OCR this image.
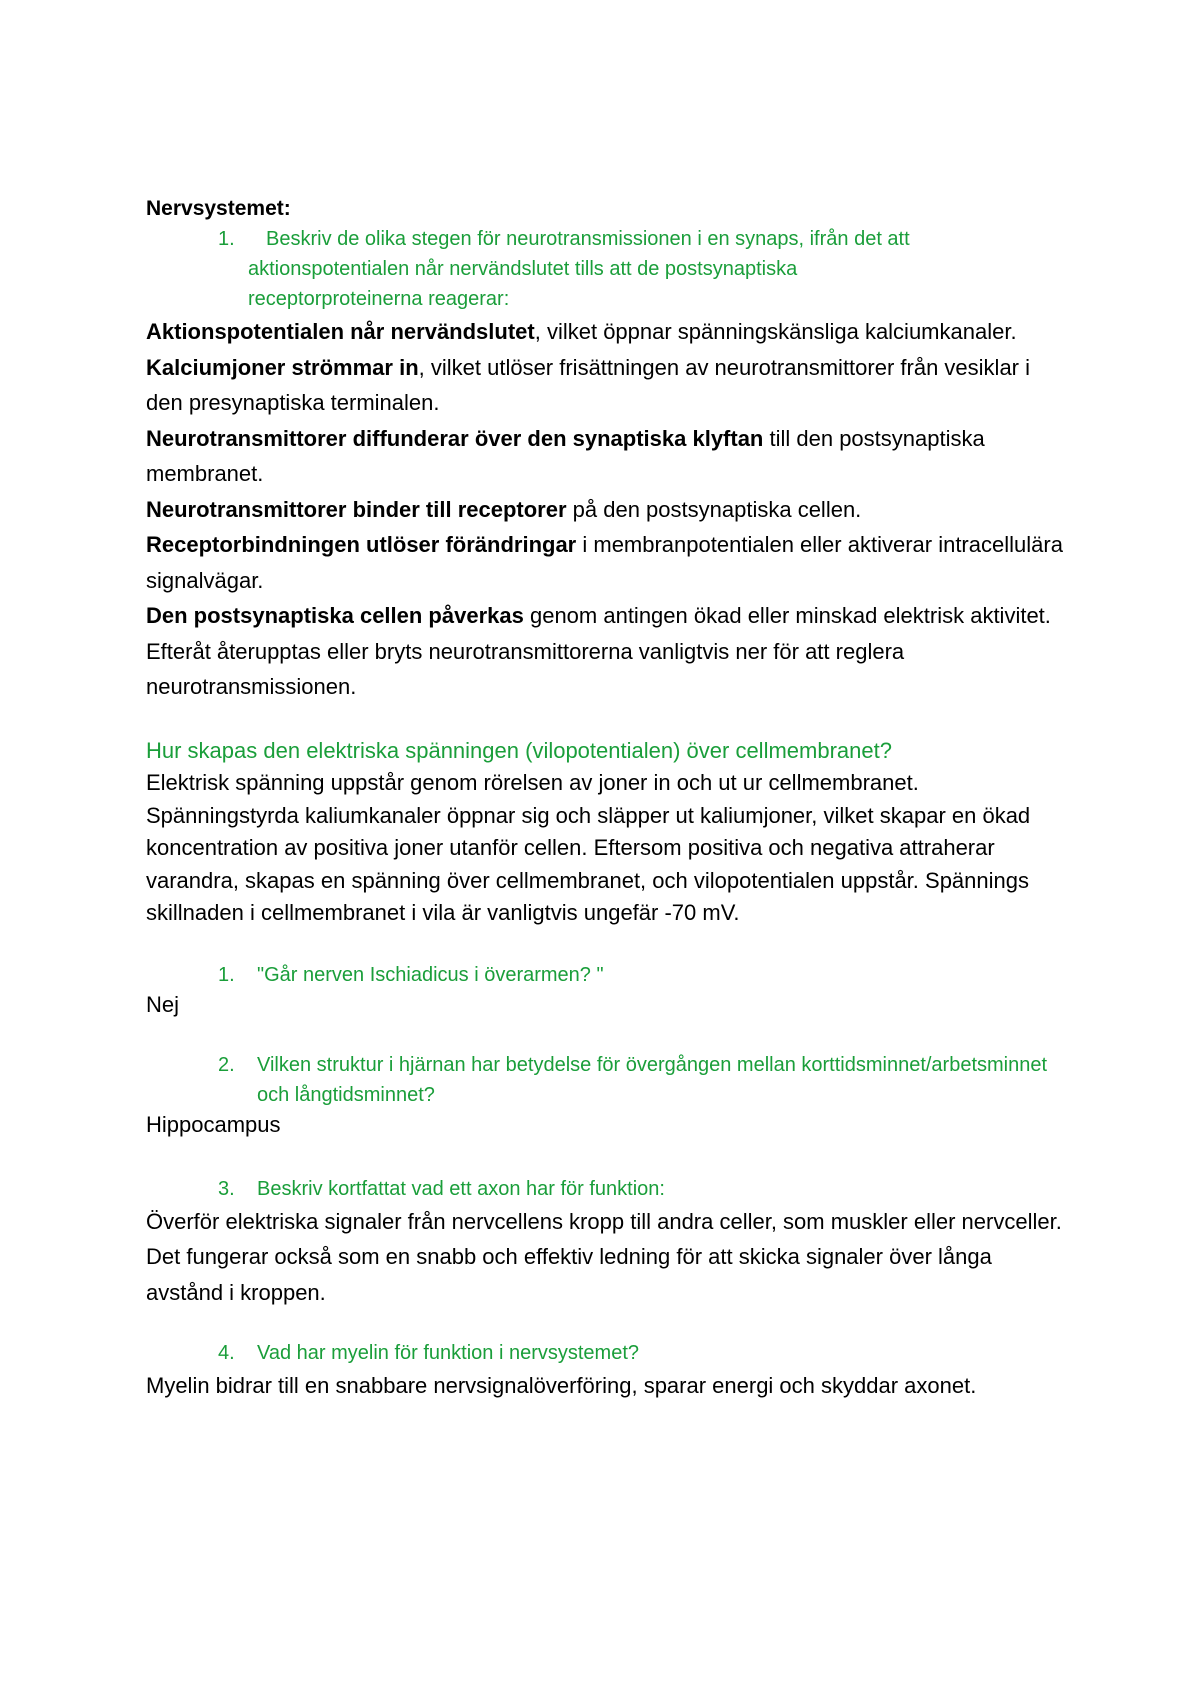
Nervsystemet:

1.	Beskriv de olika stegen för neurotransmissionen i en synaps, ifrån det att
aktionspotentialen når nervändslutet tills att de postsynaptiska
receptorproteinerna reagerar:

Aktionspotentialen når nervändslutet, vilket öppnar spänningskänsliga kalciumkanaler.

Kalciumjoner strömmar in, vilket utlöser frisättningen av neurotransmittorer från vesiklar i den presynaptiska terminalen.

Neurotransmittorer diffunderar över den synaptiska klyftan till den postsynaptiska membranet.

Neurotransmittorer binder till receptorer på den postsynaptiska cellen.

Receptorbindningen utlöser förändringar i membranpotentialen eller aktiverar intracellulära signalvägar.

Den postsynaptiska cellen påverkas genom antingen ökad eller minskad elektrisk aktivitet.

Efteråt återupptas eller bryts neurotransmittorerna vanligtvis ner för att reglera neurotransmissionen.

Hur skapas den elektriska spänningen (vilopotentialen) över cellmembranet?

Elektrisk spänning uppstår genom rörelsen av joner in och ut ur cellmembranet. Spänningstyrda kaliumkanaler öppnar sig och släpper ut kaliumjoner, vilket skapar en ökad koncentration av positiva joner utanför cellen. Eftersom positiva och negativa attraherar varandra, skapas en spänning över cellmembranet, och vilopotentialen uppstår. Spännings skillnaden i cellmembranet i vila är vanligtvis ungefär -70 mV.

1. "Går nerven Ischiadicus i överarmen? "

Nej

2. Vilken struktur i hjärnan har betydelse för övergången mellan korttidsminnet/arbetsminnet och långtidsminnet?

Hippocampus

3. Beskriv kortfattat vad ett axon har för funktion:

Överför elektriska signaler från nervcellens kropp till andra celler, som muskler eller nervceller. Det fungerar också som en snabb och effektiv ledning för att skicka signaler över långa avstånd i kroppen.

4. Vad har myelin för funktion i nervsystemet?

Myelin bidrar till en snabbare nervsignalöverföring, sparar energi och skyddar axonet.
